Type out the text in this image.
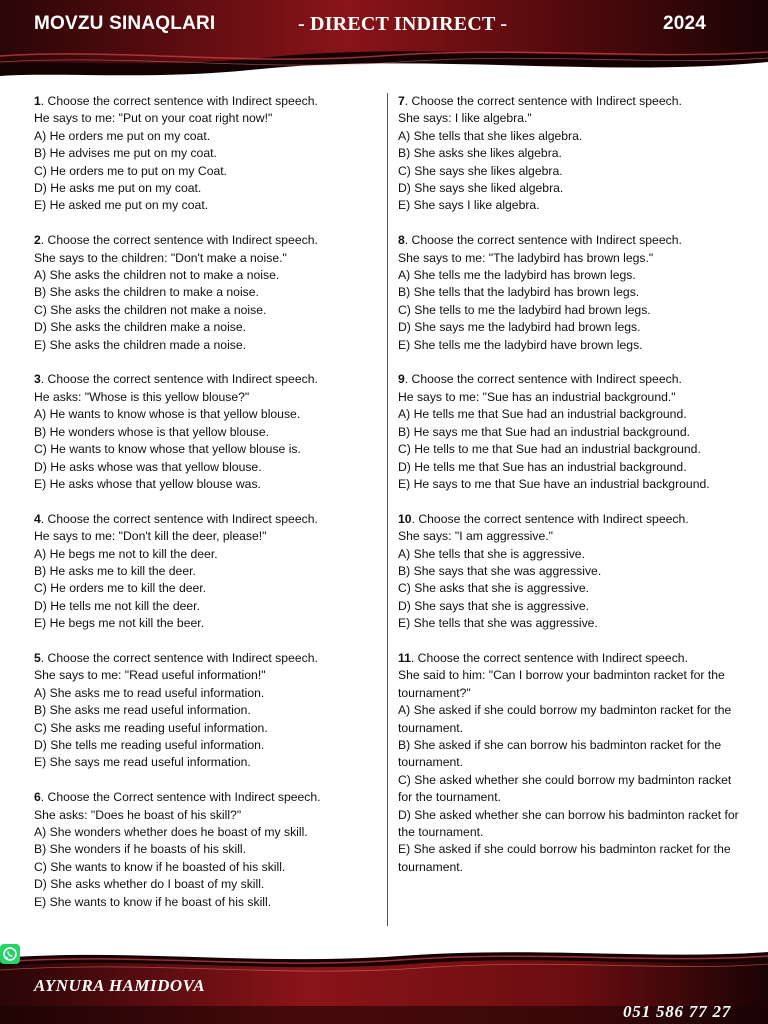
MOVZU SINAQLARI	- DIRECT INDIRECT -	2024
1. Choose the correct sentence with Indirect speech.
He says to me: "Put on your coat right now!"
A) He orders me put on my coat.
B) He advises me put on my coat.
C) He orders me to put on my Coat.
D) He asks me put on my coat.
E) He asked me put on my coat.
2. Choose the correct sentence with Indirect speech.
She says to the children: "Don't make a noise."
A) She asks the children not to make a noise.
B) She asks the children to make a noise.
C) She asks the children not make a noise.
D) She asks the children make a noise.
E) She asks the children made a noise.
3. Choose the correct sentence with Indirect speech.
He asks: "Whose is this yellow blouse?"
A) He wants to know whose is that yellow blouse.
B) He wonders whose is that yellow blouse.
C) He wants to know whose that yellow blouse is.
D) He asks whose was that yellow blouse.
E) He asks whose that yellow blouse was.
4. Choose the correct sentence with Indirect speech.
He says to me: "Don't kill the deer, please!"
A) He begs me not to kill the deer.
B) He asks me to kill the deer.
C) He orders me to kill the deer.
D) He tells me not kill the deer.
E) He begs me not kill the beer.
5. Choose the correct sentence with Indirect speech.
She says to me: "Read useful information!"
A) She asks me to read useful information.
B) She asks me read useful information.
C) She asks me reading useful information.
D) She tells me reading useful information.
E) She says me read useful information.
6. Choose the Correct sentence with Indirect speech.
She asks: "Does he boast of his skill?"
A) She wonders whether does he boast of my skill.
B) She wonders if he boasts of his skill.
C) She wants to know if he boasted of his skill.
D) She asks whether do I boast of my skill.
E) She wants to know if he boast of his skill.
7. Choose the correct sentence with Indirect speech.
She says: I like algebra."
A) She tells that she likes algebra.
B) She asks she likes algebra.
C) She says she likes algebra.
D) She says she liked algebra.
E) She says I like algebra.
8. Choose the correct sentence with Indirect speech.
She says to me: "The ladybird has brown legs."
A) She tells me the ladybird has brown legs.
B) She tells that the ladybird has brown legs.
C) She tells to me the ladybird had brown legs.
D) She says me the ladybird had brown legs.
E) She tells me the ladybird have brown legs.
9. Choose the correct sentence with Indirect speech.
He says to me: "Sue has an industrial background."
A) He tells me that Sue had an industrial background.
B) He says me that Sue had an industrial background.
C) He tells to me that Sue had an industrial background.
D) He tells me that Sue has an industrial background.
E) He says to me that Sue have an industrial background.
10. Choose the correct sentence with Indirect speech.
She says: "I am aggressive."
A) She tells that she is aggressive.
B) She says that she was aggressive.
C) She asks that she is aggressive.
D) She says that she is aggressive.
E) She tells that she was aggressive.
11. Choose the correct sentence with Indirect speech.
She said to him: "Can I borrow your badminton racket for the tournament?"
A) She asked if she could borrow my badminton racket for the tournament.
B) She asked if she can borrow his badminton racket for the tournament.
C) She asked whether she could borrow my badminton racket for the tournament.
D) She asked whether she can borrow his badminton racket for the tournament.
E) She asked if she could borrow his badminton racket for the tournament.
AYNURA HAMIDOVA
051 586 77 27
